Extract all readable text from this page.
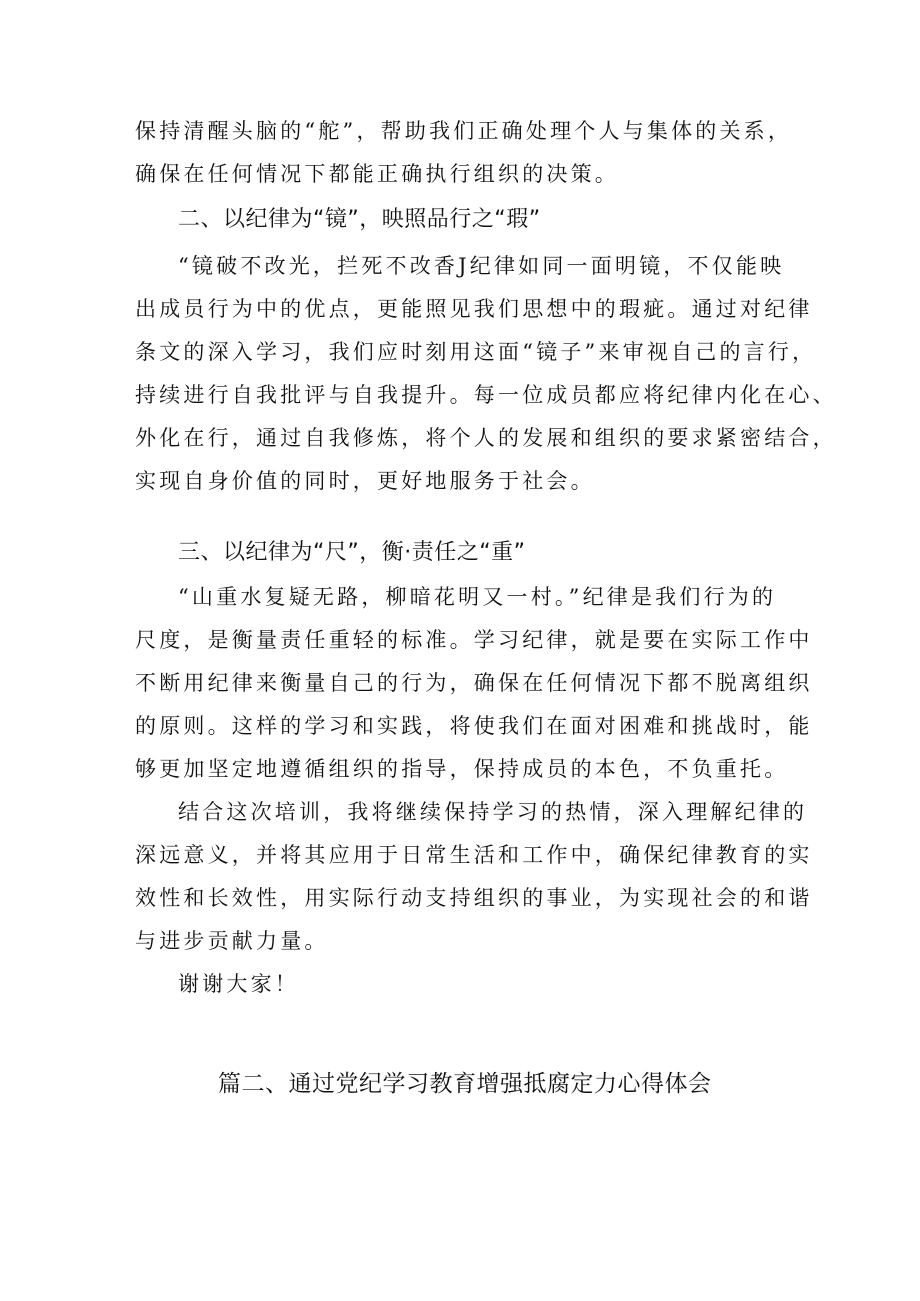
保持清醒头脑的“舵”，帮助我们正确处理个人与集体的关系，
确保在任何情况下都能正确执行组织的决策。
二、以纪律为“镜”，映照品行之“瑕”
“镜破不改光，拦死不改香J纪律如同一面明镜，不仅能映
出成员行为中的优点，更能照见我们思想中的瑕疵。通过对纪律
条文的深入学习，我们应时刻用这面“镜子”来审视自己的言行，
持续进行自我批评与自我提升。每一位成员都应将纪律内化在心、
外化在行，通过自我修炼，将个人的发展和组织的要求紧密结合，
实现自身价值的同时，更好地服务于社会。
三、以纪律为“尺”，衡·责任之“重”
“山重水复疑无路，柳暗花明又一村。”纪律是我们行为的
尺度，是衡量责任重轻的标准。学习纪律，就是要在实际工作中
不断用纪律来衡量自己的行为，确保在任何情况下都不脱离组织
的原则。这样的学习和实践，将使我们在面对困难和挑战时，能
够更加坚定地遵循组织的指导，保持成员的本色，不负重托。
结合这次培训，我将继续保持学习的热情，深入理解纪律的
深远意义，并将其应用于日常生活和工作中，确保纪律教育的实
效性和长效性，用实际行动支持组织的事业，为实现社会的和谐
与进步贡献力量。
谢谢大家！
篇二、通过党纪学习教育增强抵腐定力心得体会
